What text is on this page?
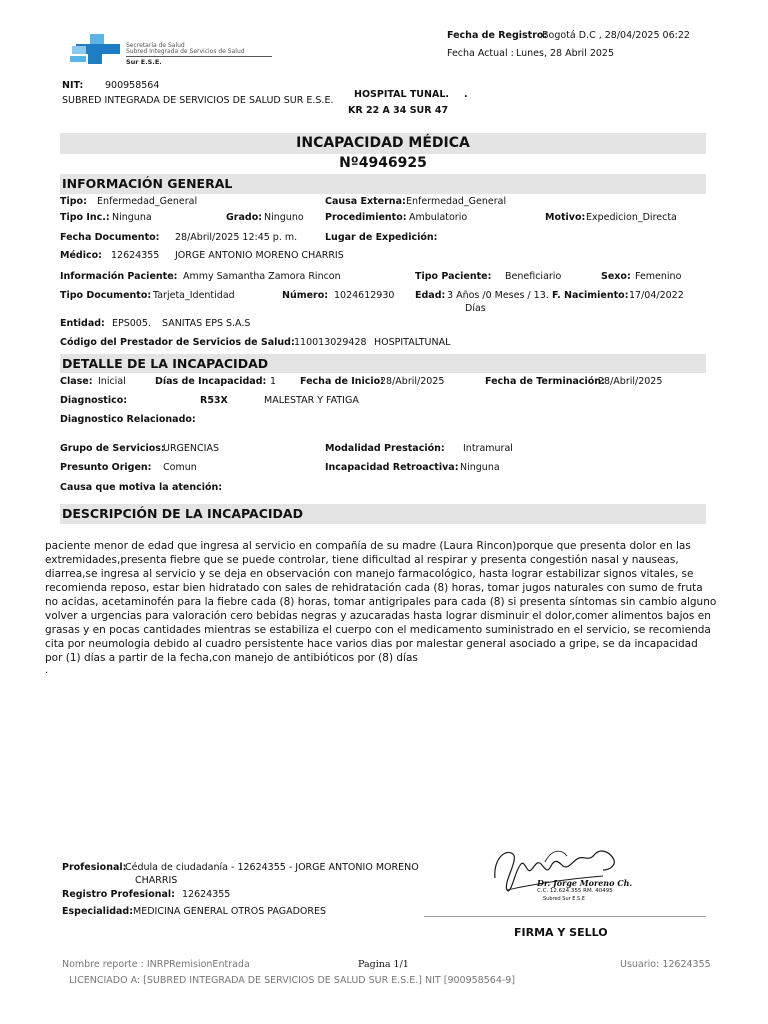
Secretaría de Salud
Subred Integrada de Servicios de Salud
Sur E.S.E.
Fecha de Registro:
Bogotá D.C , 28/04/2025 06:22
Fecha Actual : Lunes, 28 Abril 2025
NIT: 900958564
SUBRED INTEGRADA DE SERVICIOS DE SALUD SUR E.S.E.
HOSPITAL TUNAL. .
KR 22 A 34 SUR 47
INCAPACIDAD MÉDICA
Nº4946925
INFORMACIÓN GENERAL
Tipo: Enfermedad_General	Causa Externa: Enfermedad_General
Tipo Inc.: Ninguna	Grado: Ninguno Procedimiento: Ambulatorio	Motivo: Expedicion_Directa
Fecha Documento: 28/Abril/2025 12:45 p. m.	Lugar de Expedición:
Médico: 12624355 JORGE ANTONIO MORENO CHARRIS
Información Paciente: Ammy Samantha Zamora Rincon	Tipo Paciente: Beneficiario	Sexo: Femenino
Tipo Documento: Tarjeta_Identidad	Número: 1024612930 Edad: 3 Años /0 Meses / 13.
Días
F. Nacimiento: 17/04/2022
Entidad: EPS005. SANITAS EPS S.A.S
Código del Prestador de Servicios de Salud: 110013029428 HOSPITALTUNAL
DETALLE DE LA INCAPACIDAD
Clase: Inicial	Días de Incapacidad: 1	Fecha de Inicio:
28/Abril/2025	Fecha de Terminación:
28/Abril/2025
Diagnostico:	R53X	MALESTAR Y FATIGA
Diagnostico Relacionado:
Grupo de Servicios:
URGENCIAS	Modalidad Prestación: Intramural
Presunto Origen: Comun	Incapacidad Retroactiva: Ninguna
Causa que motiva la atención:
DESCRIPCIÓN DE LA INCAPACIDAD
paciente menor de edad que ingresa al servicio en compañía de su madre (Laura Rincon)porque que presenta dolor en las extremidades,presenta fiebre que se puede controlar, tiene dificultad al respirar y presenta congestión nasal y nauseas, diarrea,se ingresa al servicio y se deja en observación con manejo farmacológico, hasta lograr estabilizar signos vitales, se recomienda reposo, estar bien hidratado con sales de rehidratación cada (8) horas, tomar jugos naturales con sumo de fruta no acidas, acetaminofén para la fiebre cada (8) horas, tomar antigripales para cada (8) si presenta síntomas sin cambio alguno volver a urgencias para valoración cero bebidas negras y azucaradas hasta lograr disminuir el dolor,comer alimentos bajos en grasas y en pocas cantidades mientras se estabiliza el cuerpo con el medicamento suministrado en el servicio, se recomienda cita por neumologia debido al cuadro persistente hace varios dias por malestar general asociado a gripe, se da incapacidad por (1) días a partir de la fecha,con manejo de antibióticos por (8) días
.
Profesional:
Cédula de ciudadanía - 12624355 - JORGE ANTONIO MORENO
CHARRIS
Registro Profesional: 12624355
Especialidad: MEDICINA GENERAL OTROS PAGADORES
Dr. Jorge Moreno Ch.
C.C. 12.624.355 RM. 40495
Subred Sur E.S.E
FIRMA Y SELLO
Nombre reporte : INRPRemisionEntrada	Pagina 1/1	Usuario: 12624355
LICENCIADO A: [SUBRED INTEGRADA DE SERVICIOS DE SALUD SUR E.S.E.] NIT [900958564-9]
